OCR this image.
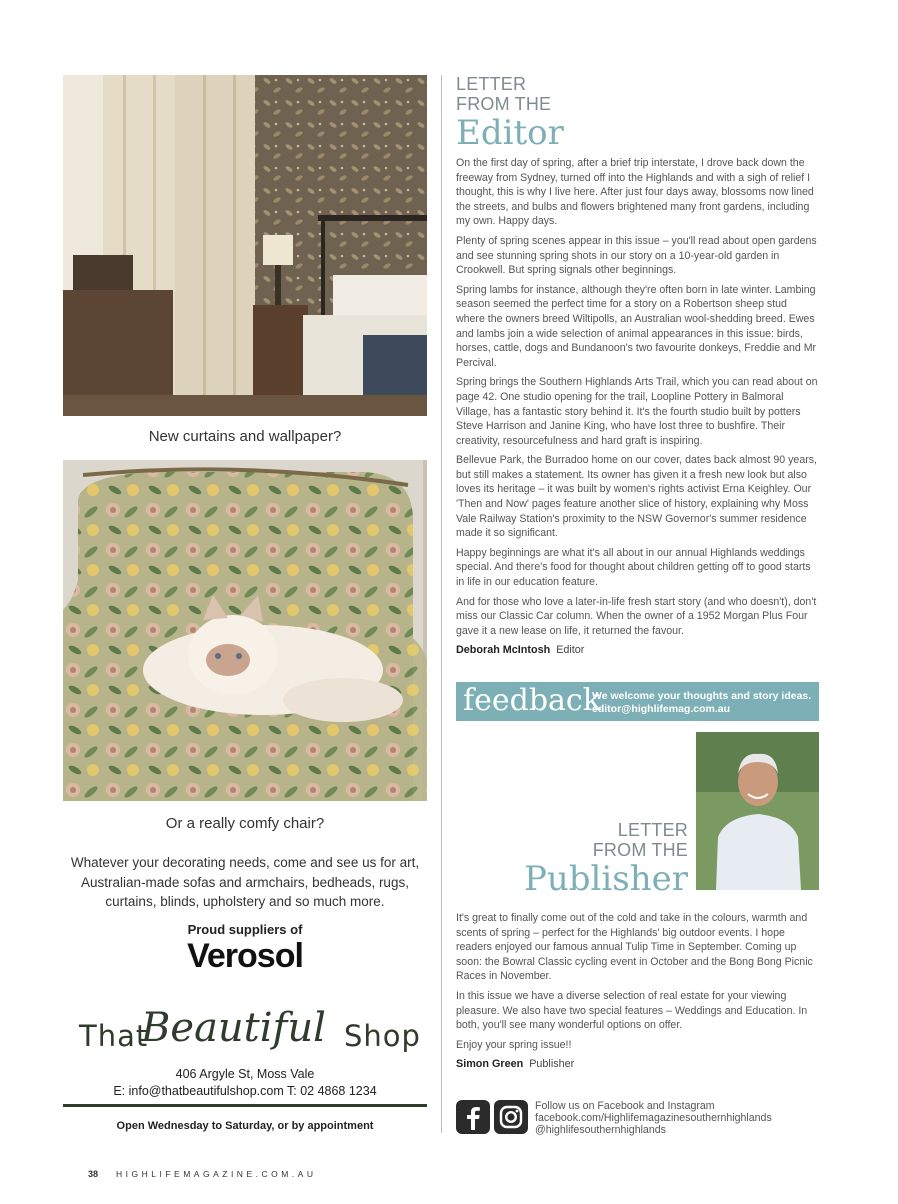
New curtains and wallpaper?
Or a really comfy chair?
Whatever your decorating needs, come and see us for art, Australian-made sofas and armchairs, bedheads, rugs, curtains, blinds, upholstery and so much more.
Proud suppliers of
Verosol
That
Beautiful Shop
406 Argyle St, Moss Vale
E: info@thatbeautifulshop.com T: 02 4868 1234
Open Wednesday to Saturday, or by appointment
LETTER
FROM THE
Editor

On the first day of spring, after a brief trip interstate, I drove back down the freeway from Sydney, turned off into the Highlands and with a sigh of relief I thought, this is why I live here. After just four days away, blossoms now lined the streets, and bulbs and flowers brightened many front gardens, including my own. Happy days.

Plenty of spring scenes appear in this issue – you'll read about open gardens and see stunning spring shots in our story on a 10-year-old garden in Crookwell. But spring signals other beginnings.

Spring lambs for instance, although they're often born in late winter. Lambing season seemed the perfect time for a story on a Robertson sheep stud where the owners breed Wiltipolls, an Australian wool-shedding breed. Ewes and lambs join a wide selection of animal appearances in this issue: birds, horses, cattle, dogs and Bundanoon's two favourite donkeys, Freddie and Mr Percival.

Spring brings the Southern Highlands Arts Trail, which you can read about on page 42. One studio opening for the trail, Loopline Pottery in Balmoral Village, has a fantastic story behind it. It's the fourth studio built by potters Steve Harrison and Janine King, who have lost three to bushfire. Their creativity, resourcefulness and hard graft is inspiring.

Bellevue Park, the Burradoo home on our cover, dates back almost 90 years, but still makes a statement. Its owner has given it a fresh new look but also loves its heritage – it was built by women's rights activist Erna Keighley. Our 'Then and Now' pages feature another slice of history, explaining why Moss Vale Railway Station's proximity to the NSW Governor's summer residence made it so significant.

Happy beginnings are what it's all about in our annual Highlands weddings special. And there's food for thought about children getting off to good starts in life in our education feature.

And for those who love a later-in-life fresh start story (and who doesn't), don't miss our Classic Car column. When the owner of a 1952 Morgan Plus Four gave it a new lease on life, it returned the favour.

Deborah McIntosh Editor
feedback
We welcome your thoughts and story ideas.
editor@highlifemag.com.au
LETTER
FROM THE
Publisher

It's great to finally come out of the cold and take in the colours, warmth and scents of spring – perfect for the Highlands' big outdoor events. I hope readers enjoyed our famous annual Tulip Time in September. Coming up soon: the Bowral Classic cycling event in October and the Bong Bong Picnic Races in November.

In this issue we have a diverse selection of real estate for your viewing pleasure. We also have two special features – Weddings and Education. In both, you'll see many wonderful options on offer.

Enjoy your spring issue!!

Simon Green Publisher
Follow us on Facebook and Instagram
facebook.com/Highlifemagazinesouthernhighlands
@highlifesouthernhighlands
38 HIGHLIFEMAGAZINE.COM.AU
